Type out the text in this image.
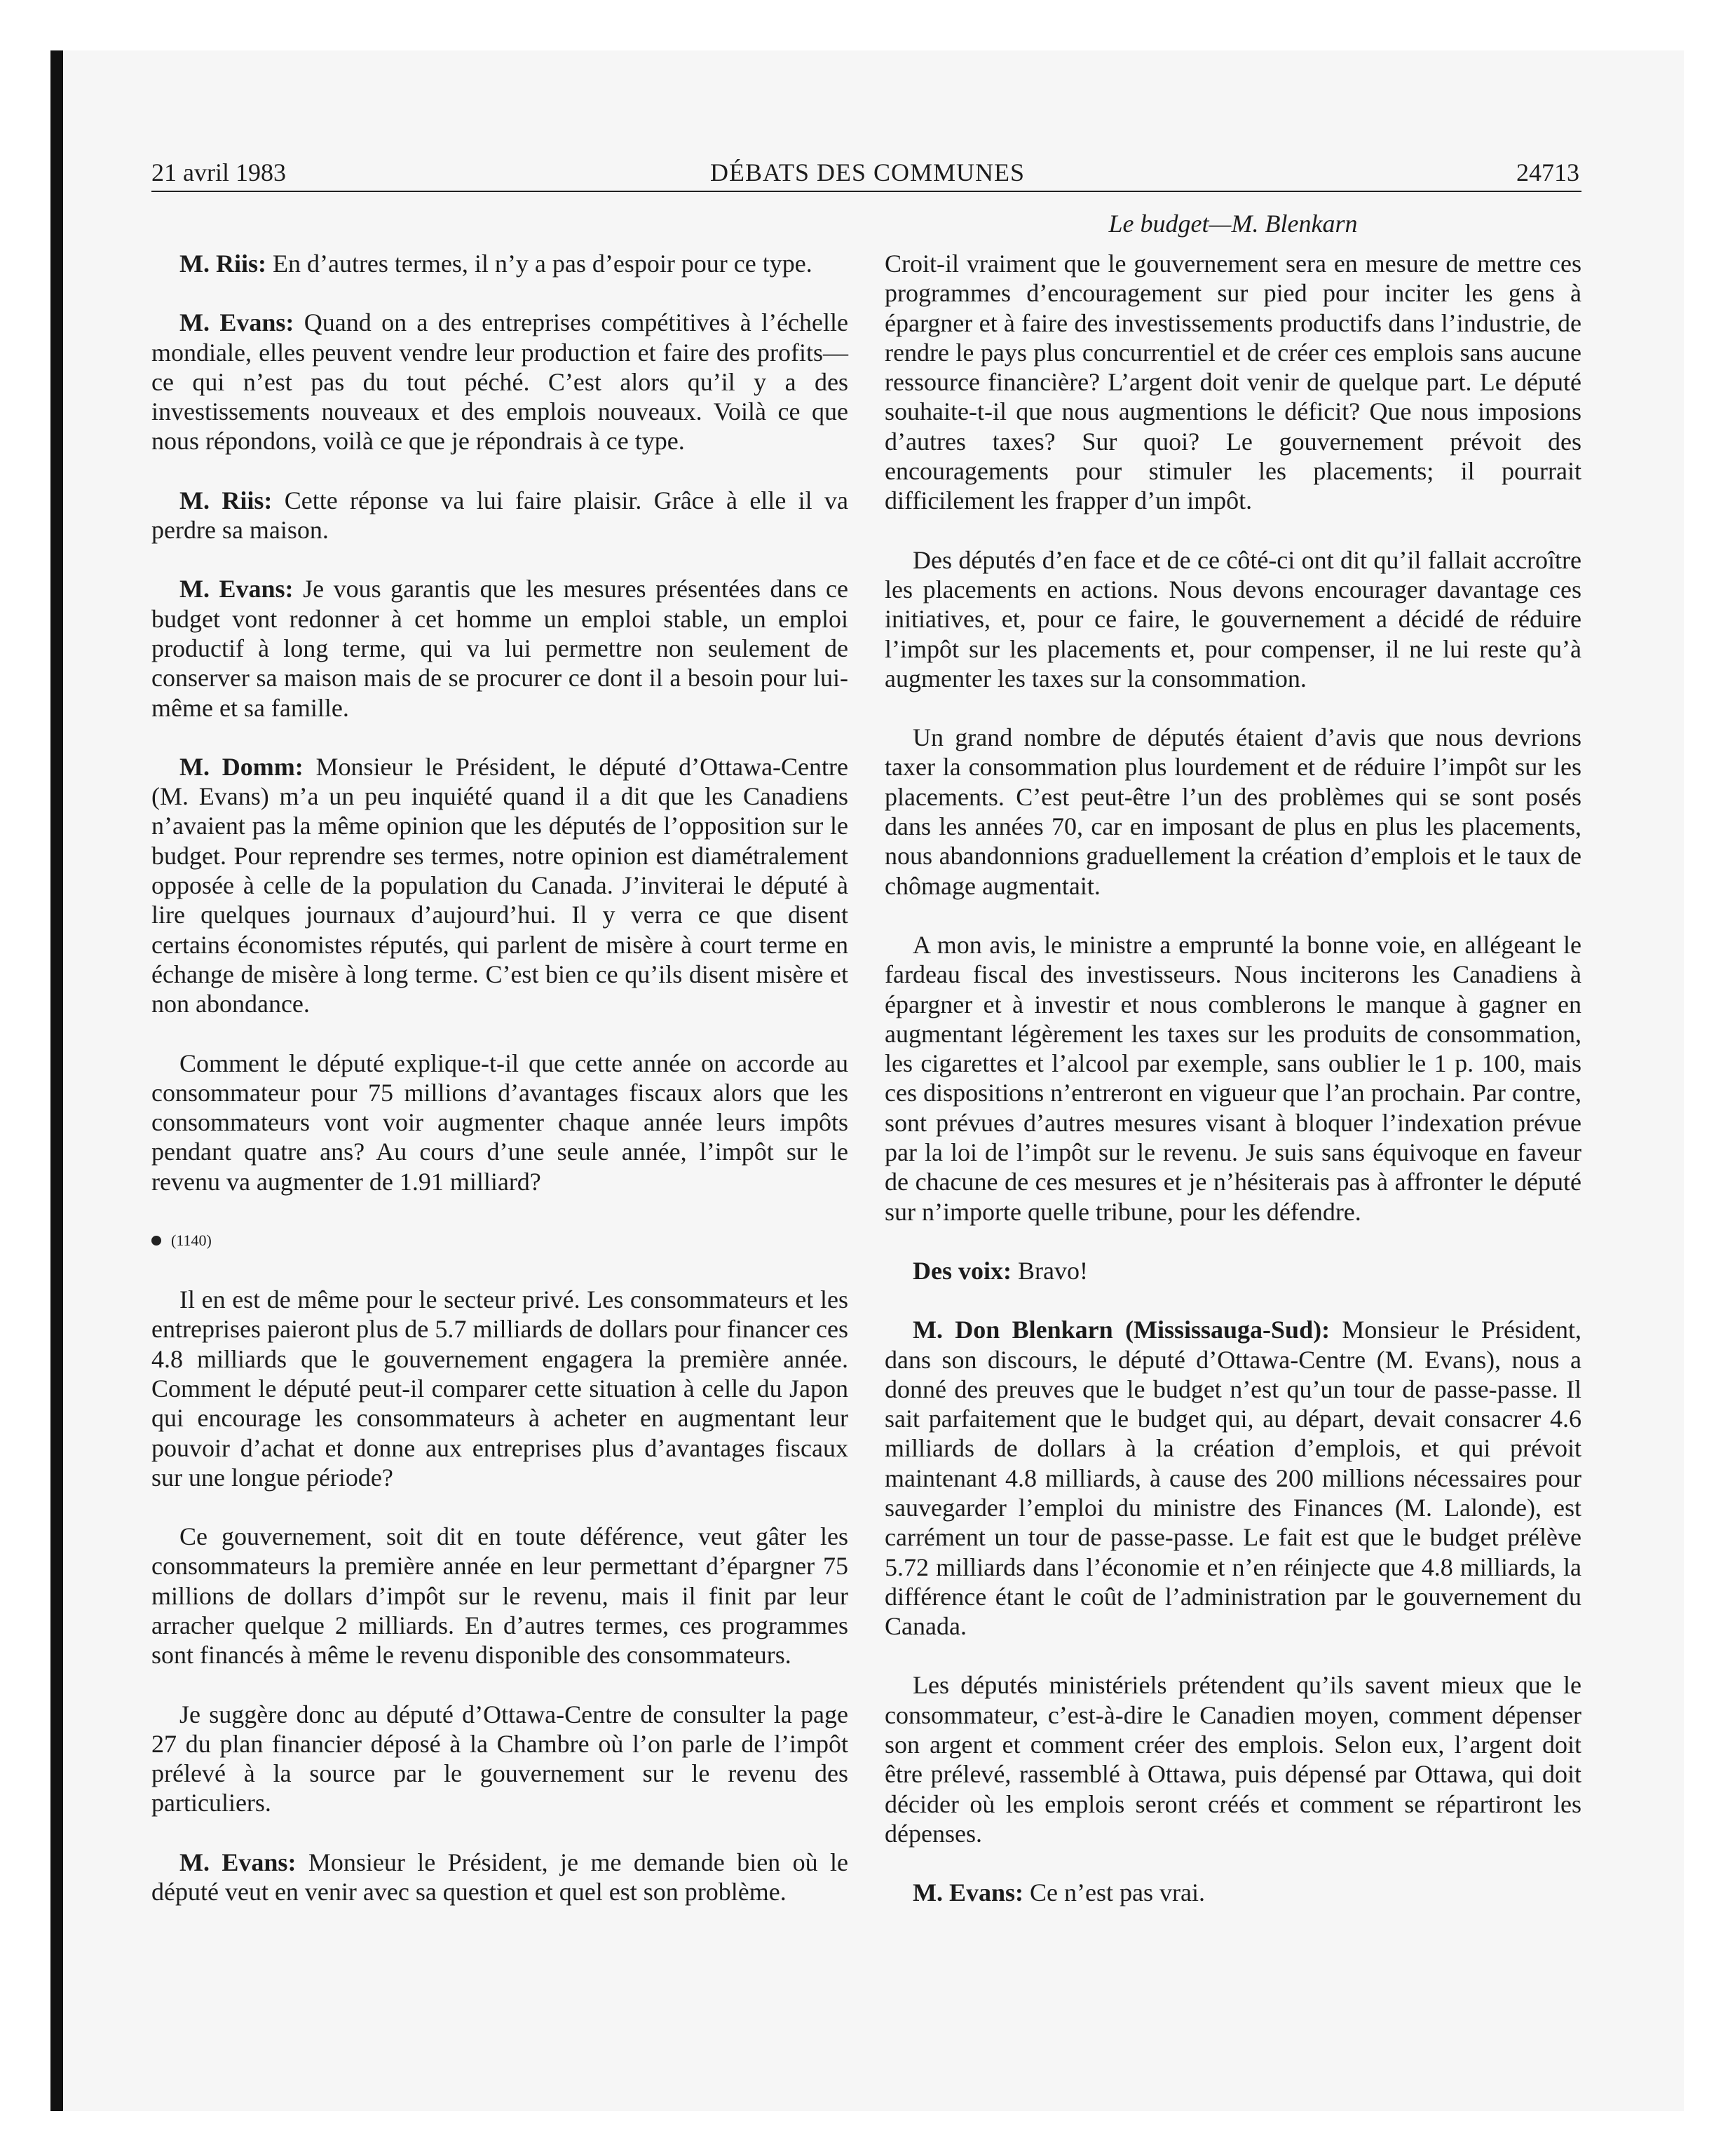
21 avril 1983	DÉBATS DES COMMUNES	24713
Le budget—M. Blenkarn

M. Riis: En d’autres termes, il n’y a pas d’espoir pour ce type.

M. Evans: Quand on a des entreprises compétitives à l’échelle mondiale, elles peuvent vendre leur production et faire des profits—ce qui n’est pas du tout péché. C’est alors qu’il y a des investissements nouveaux et des emplois nouveaux. Voilà ce que nous répondons, voilà ce que je répondrais à ce type.

M. Riis: Cette réponse va lui faire plaisir. Grâce à elle il va perdre sa maison.

M. Evans: Je vous garantis que les mesures présentées dans ce budget vont redonner à cet homme un emploi stable, un emploi productif à long terme, qui va lui permettre non seulement de conserver sa maison mais de se procurer ce dont il a besoin pour lui-même et sa famille.

M. Domm: Monsieur le Président, le député d’Ottawa-Centre (M. Evans) m’a un peu inquiété quand il a dit que les Canadiens n’avaient pas la même opinion que les députés de l’opposition sur le budget. Pour reprendre ses termes, notre opinion est diamétralement opposée à celle de la population du Canada. J’inviterai le député à lire quelques journaux d’aujourd’hui. Il y verra ce que disent certains économistes réputés, qui parlent de misère à court terme en échange de misère à long terme. C’est bien ce qu’ils disent misère et non abondance.

Comment le député explique-t-il que cette année on accorde au consommateur pour 75 millions d’avantages fiscaux alors que les consommateurs vont voir augmenter chaque année leurs impôts pendant quatre ans? Au cours d’une seule année, l’impôt sur le revenu va augmenter de 1.91 milliard?

(1140)

Il en est de même pour le secteur privé. Les consommateurs et les entreprises paieront plus de 5.7 milliards de dollars pour financer ces 4.8 milliards que le gouvernement engagera la première année. Comment le député peut-il comparer cette situation à celle du Japon qui encourage les consommateurs à acheter en augmentant leur pouvoir d’achat et donne aux entreprises plus d’avantages fiscaux sur une longue période?

Ce gouvernement, soit dit en toute déférence, veut gâter les consommateurs la première année en leur permettant d’épargner 75 millions de dollars d’impôt sur le revenu, mais il finit par leur arracher quelque 2 milliards. En d’autres termes, ces programmes sont financés à même le revenu disponible des consommateurs.

Je suggère donc au député d’Ottawa-Centre de consulter la page 27 du plan financier déposé à la Chambre où l’on parle de l’impôt prélevé à la source par le gouvernement sur le revenu des particuliers.

M. Evans: Monsieur le Président, je me demande bien où le député veut en venir avec sa question et quel est son problème.

Croit-il vraiment que le gouvernement sera en mesure de mettre ces programmes d’encouragement sur pied pour inciter les gens à épargner et à faire des investissements productifs dans l’industrie, de rendre le pays plus concurrentiel et de créer ces emplois sans aucune ressource financière? L’argent doit venir de quelque part. Le député souhaite-t-il que nous augmentions le déficit? Que nous imposions d’autres taxes? Sur quoi? Le gouvernement prévoit des encouragements pour stimuler les placements; il pourrait difficilement les frapper d’un impôt.

Des députés d’en face et de ce côté-ci ont dit qu’il fallait accroître les placements en actions. Nous devons encourager davantage ces initiatives, et, pour ce faire, le gouvernement a décidé de réduire l’impôt sur les placements et, pour compenser, il ne lui reste qu’à augmenter les taxes sur la consommation.

Un grand nombre de députés étaient d’avis que nous devrions taxer la consommation plus lourdement et de réduire l’impôt sur les placements. C’est peut-être l’un des problèmes qui se sont posés dans les années 70, car en imposant de plus en plus les placements, nous abandonnions graduellement la création d’emplois et le taux de chômage augmentait.

A mon avis, le ministre a emprunté la bonne voie, en allégeant le fardeau fiscal des investisseurs. Nous inciterons les Canadiens à épargner et à investir et nous comblerons le manque à gagner en augmentant légèrement les taxes sur les produits de consommation, les cigarettes et l’alcool par exemple, sans oublier le 1 p. 100, mais ces dispositions n’entreront en vigueur que l’an prochain. Par contre, sont prévues d’autres mesures visant à bloquer l’indexation prévue par la loi de l’impôt sur le revenu. Je suis sans équivoque en faveur de chacune de ces mesures et je n’hésiterais pas à affronter le député sur n’importe quelle tribune, pour les défendre.

Des voix: Bravo!

M. Don Blenkarn (Mississauga-Sud): Monsieur le Président, dans son discours, le député d’Ottawa-Centre (M. Evans), nous a donné des preuves que le budget n’est qu’un tour de passe-passe. Il sait parfaitement que le budget qui, au départ, devait consacrer 4.6 milliards de dollars à la création d’emplois, et qui prévoit maintenant 4.8 milliards, à cause des 200 millions nécessaires pour sauvegarder l’emploi du ministre des Finances (M. Lalonde), est carrément un tour de passe-passe. Le fait est que le budget prélève 5.72 milliards dans l’économie et n’en réinjecte que 4.8 milliards, la différence étant le coût de l’administration par le gouvernement du Canada.

Les députés ministériels prétendent qu’ils savent mieux que le consommateur, c’est-à-dire le Canadien moyen, comment dépenser son argent et comment créer des emplois. Selon eux, l’argent doit être prélevé, rassemblé à Ottawa, puis dépensé par Ottawa, qui doit décider où les emplois seront créés et comment se répartiront les dépenses.

M. Evans: Ce n’est pas vrai.
